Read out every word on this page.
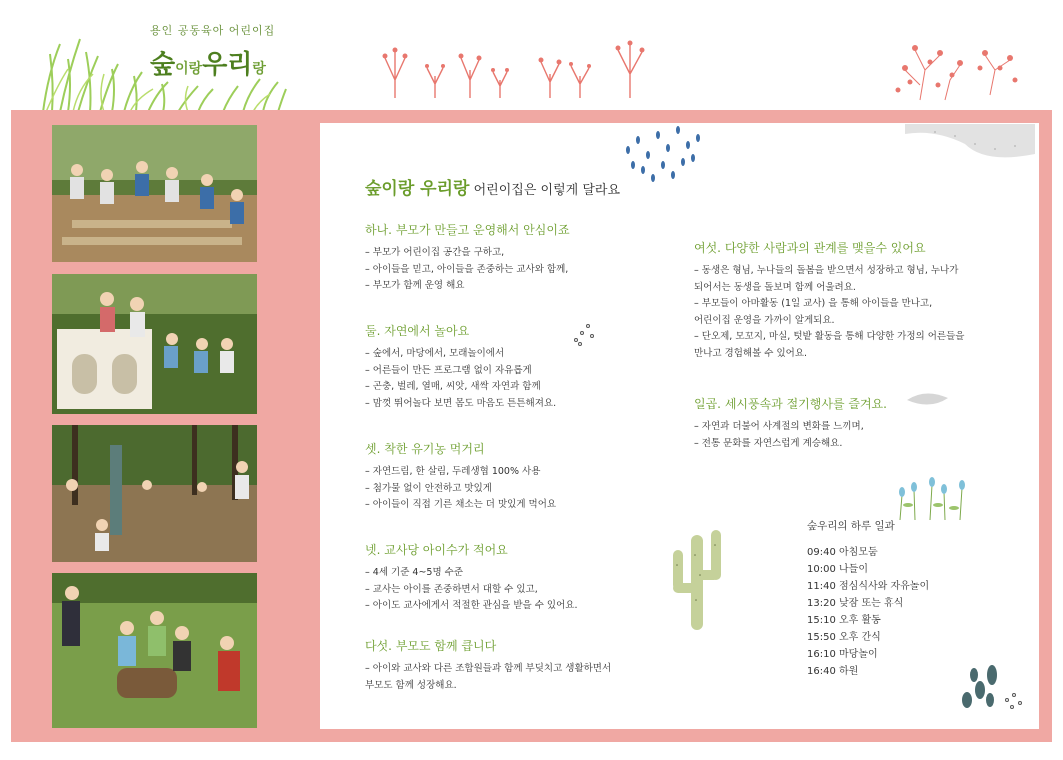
용인 공동육아 어린이집
숲이랑우리랑
숲이랑 우리랑 어린이집은 이렇게 달라요
하나. 부모가 만들고 운영해서 안심이죠
– 부모가 어린이집 공간을 구하고,
– 아이들을 믿고, 아이들을 존중하는 교사와 함께,
– 부모가 함께 운영 해요
둘. 자연에서 놀아요
– 숲에서, 마당에서, 모래놀이에서
– 어른들이 만든 프로그램 없이 자유롭게
– 곤충, 벌레, 열매, 씨앗, 새싹 자연과 함께
– 맘껏 뛰어놀다 보면 몸도 마음도 튼튼해져요.
셋. 착한 유기농 먹거리
– 자연드림, 한 살림, 두레생협 100% 사용
– 첨가물 없이 안전하고 맛있게
– 아이들이 직접 기른 채소는 더 맛있게 먹어요
넷. 교사당 아이수가 적어요
– 4세 기준 4~5명 수준
– 교사는 아이를 존중하면서 대할 수 있고,
– 아이도 교사에게서 적절한 관심을 받을 수 있어요.
다섯. 부모도 함께 큽니다
– 아이와 교사와 다른 조합원들과 함께 부딪치고 생활하면서
부모도 함께 성장해요.
여섯. 다양한 사람과의 관계를 맺을수 있어요
– 동생은 형님, 누나들의 돌봄을 받으면서 성장하고 형님, 누나가
되어서는 동생을 돌보며 함께 어울려요.
– 부모들이 아마활동 (1일 교사) 을 통해 아이들을 만나고,
어린이집 운영을 가까이 알게되요.
– 단오제, 모꼬지, 마실, 텃밭 활동을 통해 다양한 가정의 어른들을
만나고 경험해볼 수 있어요.
일곱. 세시풍속과 절기행사를 즐겨요.
– 자연과 더불어 사계절의 변화를 느끼며,
– 전통 문화를 자연스럽게 계승해요.
숲우리의 하루 일과
09:40 아침모둠
10:00 나들이
11:40 점심식사와 자유놀이
13:20 낮잠 또는 휴식
15:10 오후 활동
15:50 오후 간식
16:10 마당놀이
16:40 하원
